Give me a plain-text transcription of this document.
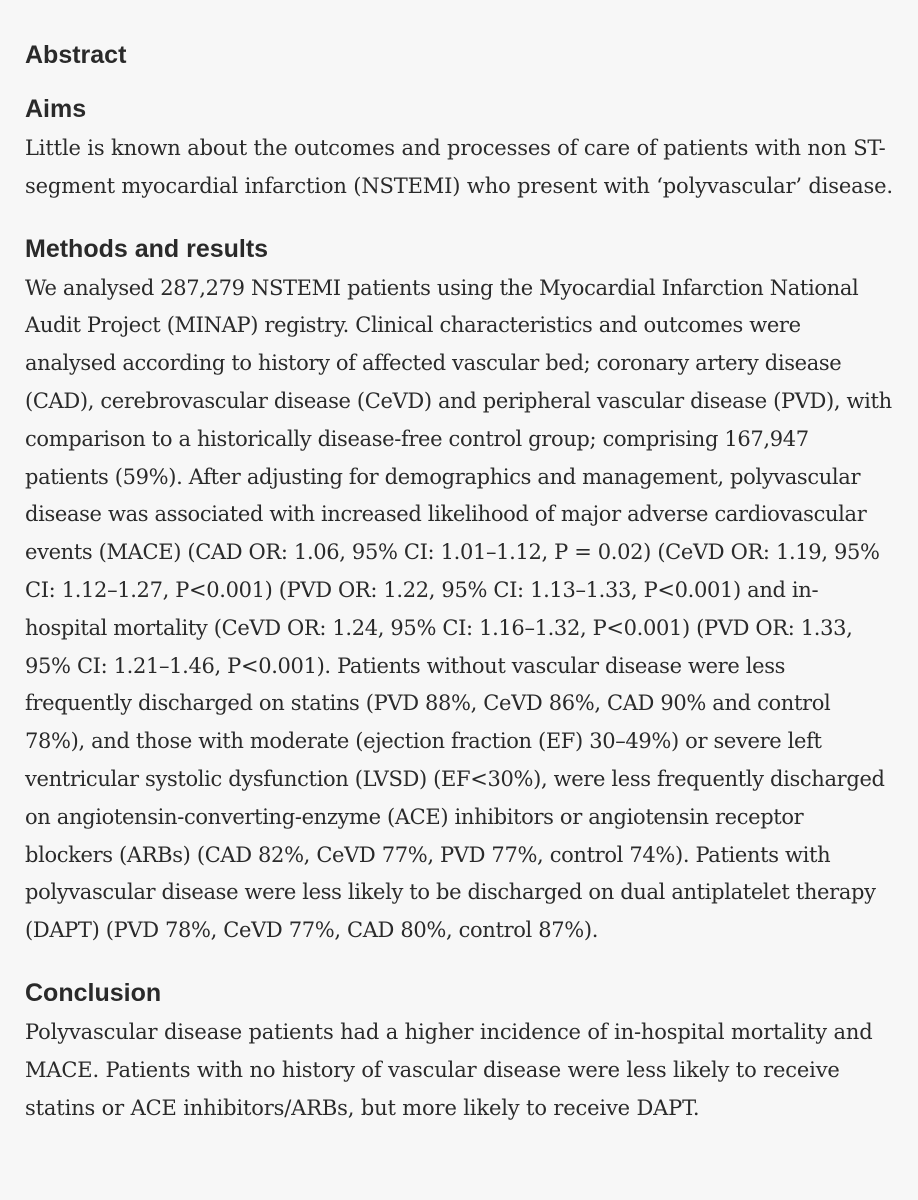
Abstract
Aims

Little is known about the outcomes and processes of care of patients with non ST-segment myocardial infarction (NSTEMI) who present with ‘polyvascular’ disease.

Methods and results

We analysed 287,279 NSTEMI patients using the Myocardial Infarction National Audit Project (MINAP) registry. Clinical characteristics and outcomes were analysed according to history of affected vascular bed; coronary artery disease (CAD), cerebrovascular disease (CeVD) and peripheral vascular disease (PVD), with comparison to a historically disease-free control group; comprising 167,947 patients (59%). After adjusting for demographics and management, polyvascular disease was associated with increased likelihood of major adverse cardiovascular events (MACE) (CAD OR: 1.06, 95% CI: 1.01–1.12, P = 0.02) (CeVD OR: 1.19, 95% CI: 1.12–1.27, P<0.001) (PVD OR: 1.22, 95% CI: 1.13–1.33, P<0.001) and in-hospital mortality (CeVD OR: 1.24, 95% CI: 1.16–1.32, P<0.001) (PVD OR: 1.33, 95% CI: 1.21–1.46, P<0.001). Patients without vascular disease were less frequently discharged on statins (PVD 88%, CeVD 86%, CAD 90% and control 78%), and those with moderate (ejection fraction (EF) 30–49%) or severe left ventricular systolic dysfunction (LVSD) (EF<30%), were less frequently discharged on angiotensin-converting-enzyme (ACE) inhibitors or angiotensin receptor blockers (ARBs) (CAD 82%, CeVD 77%, PVD 77%, control 74%). Patients with polyvascular disease were less likely to be discharged on dual antiplatelet therapy (DAPT) (PVD 78%, CeVD 77%, CAD 80%, control 87%).

Conclusion

Polyvascular disease patients had a higher incidence of in-hospital mortality and MACE. Patients with no history of vascular disease were less likely to receive statins or ACE inhibitors/ARBs, but more likely to receive DAPT.
